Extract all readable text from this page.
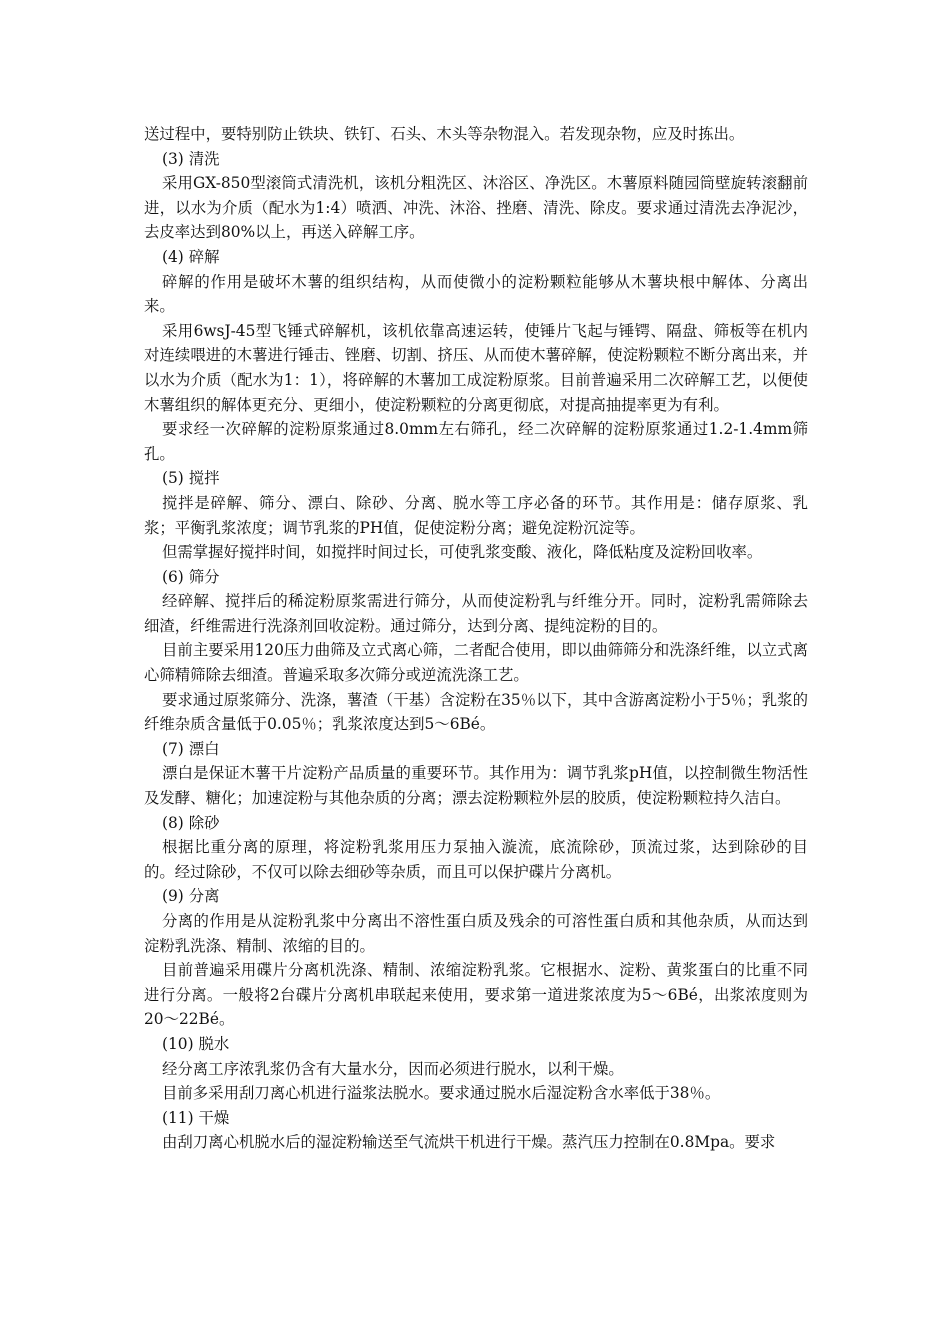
送过程中，要特别防止铁块、铁钉、石头、木头等杂物混入。若发现杂物，应及时拣出。

(3) 清洗

采用GX-850型滚筒式清洗机，该机分粗洗区、沐浴区、净洗区。木薯原料随园筒壁旋转滚翻前进，以水为介质（配水为1:4）喷洒、冲洗、沐浴、挫磨、清洗、除皮。要求通过清洗去净泥沙，去皮率达到80%以上，再送入碎解工序。

(4) 碎解

碎解的作用是破坏木薯的组织结构，从而使微小的淀粉颗粒能够从木薯块根中解体、分离出来。

采用6wsJ-45型飞锤式碎解机，该机依靠高速运转，使锤片飞起与锤锷、隔盘、筛板等在机内对连续喂进的木薯进行锤击、锉磨、切割、挤压、从而使木薯碎解，使淀粉颗粒不断分离出来，并以水为介质（配水为1：1），将碎解的木薯加工成淀粉原浆。目前普遍采用二次碎解工艺，以便使木薯组织的解体更充分、更细小，使淀粉颗粒的分离更彻底，对提高抽提率更为有利。

要求经一次碎解的淀粉原浆通过8.0mm左右筛孔，经二次碎解的淀粉原浆通过1.2-1.4mm筛孔。

(5) 搅拌

搅拌是碎解、筛分、漂白、除砂、分离、脱水等工序必备的环节。其作用是：储存原浆、乳浆；平衡乳浆浓度；调节乳浆的PH值，促使淀粉分离；避免淀粉沉淀等。

但需掌握好搅拌时间，如搅拌时间过长，可使乳浆变酸、液化，降低粘度及淀粉回收率。

(6) 筛分

经碎解、搅拌后的稀淀粉原浆需进行筛分，从而使淀粉乳与纤维分开。同时，淀粉乳需筛除去细渣，纤维需进行洗涤剂回收淀粉。通过筛分，达到分离、提纯淀粉的目的。

目前主要采用120压力曲筛及立式离心筛，二者配合使用，即以曲筛筛分和洗涤纤维，以立式离心筛精筛除去细渣。普遍采取多次筛分或逆流洗涤工艺。

要求通过原浆筛分、洗涤，薯渣（干基）含淀粉在35％以下，其中含游离淀粉小于5％；乳浆的纤维杂质含量低于0.05％；乳浆浓度达到5～6Bé。

(7) 漂白

漂白是保证木薯干片淀粉产品质量的重要环节。其作用为：调节乳浆pH值，以控制微生物活性及发酵、糖化；加速淀粉与其他杂质的分离；漂去淀粉颗粒外层的胶质，使淀粉颗粒持久洁白。

(8) 除砂

根据比重分离的原理，将淀粉乳浆用压力泵抽入漩流，底流除砂，顶流过浆，达到除砂的目的。经过除砂，不仅可以除去细砂等杂质，而且可以保护碟片分离机。

(9) 分离

分离的作用是从淀粉乳浆中分离出不溶性蛋白质及残余的可溶性蛋白质和其他杂质，从而达到淀粉乳洗涤、精制、浓缩的目的。

目前普遍采用碟片分离机洗涤、精制、浓缩淀粉乳浆。它根据水、淀粉、黄浆蛋白的比重不同进行分离。一般将2台碟片分离机串联起来使用，要求第一道进浆浓度为5～6Bé，出浆浓度则为20～22Bé。

(10) 脱水

经分离工序浓乳浆仍含有大量水分，因而必须进行脱水，以利干燥。

目前多采用刮刀离心机进行溢浆法脱水。要求通过脱水后湿淀粉含水率低于38％。

(11) 干燥

由刮刀离心机脱水后的湿淀粉输送至气流烘干机进行干燥。蒸汽压力控制在0.8Mpa。要求
